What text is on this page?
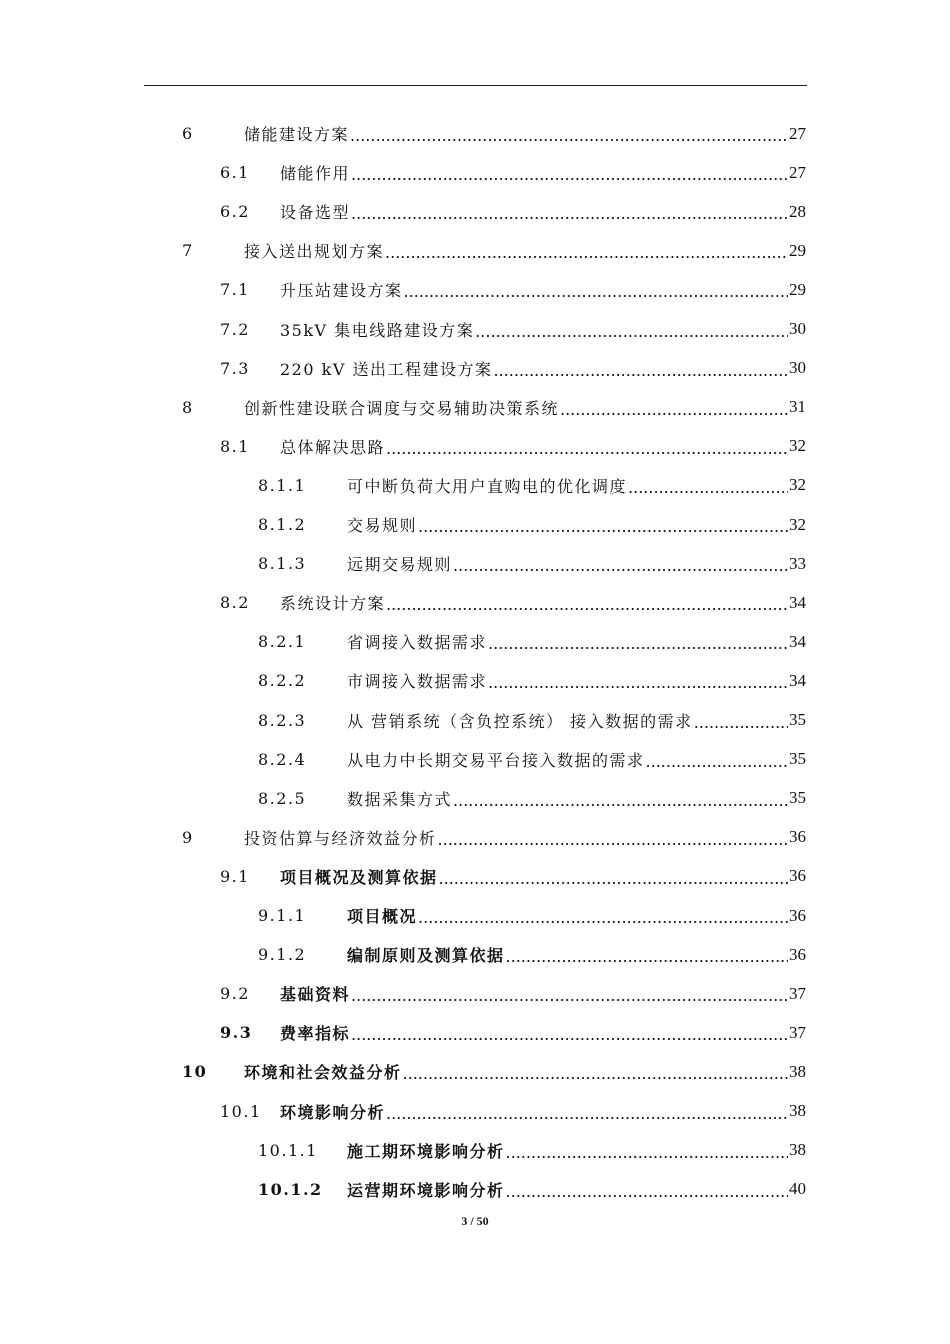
6	储能建设方案 .....	27
6.1 储能作用 .....	27
6.2 设备选型 .....	28
7	接入送出规划方案 .....	29
7.1 升压站建设方案 .....	29
7.2 35kV 集电线路建设方案 .....	30
7.3 220 kV 送出工程建设方案 .....	30
8	创新性建设联合调度与交易辅助决策系统 .....	31
8.1 总体解决思路 .....	32
8.1.1	可中断负荷大用户直购电的优化调度 .....	32
8.1.2	交易规则 .....	32
8.1.3	远期交易规则 .....	33
8.2 系统设计方案 .....	34
8.2.1	省调接入数据需求 .....	34
8.2.2	市调接入数据需求 .....	34
8.2.3	从 营销系统（含负控系统） 接入数据的需求 .....	35
8.2.4	从电力中长期交易平台接入数据的需求 .....	35
8.2.5	数据采集方式 .....	35
9	投资估算与经济效益分析 .....	36
9.1 项目概况及测算依据 .....	36
9.1.1	项目概况 .....	36
9.1.2	编制原则及测算依据 .....	36
9.2 基础资料 .....	37
9.3 费率指标 .....	37
10 环境和社会效益分析 .....	38
10.1 环境影响分析 .....	38
10.1.1 施工期环境影响分析 .....	38
10.1.2 运营期环境影响分析 .....	40
3 / 50
